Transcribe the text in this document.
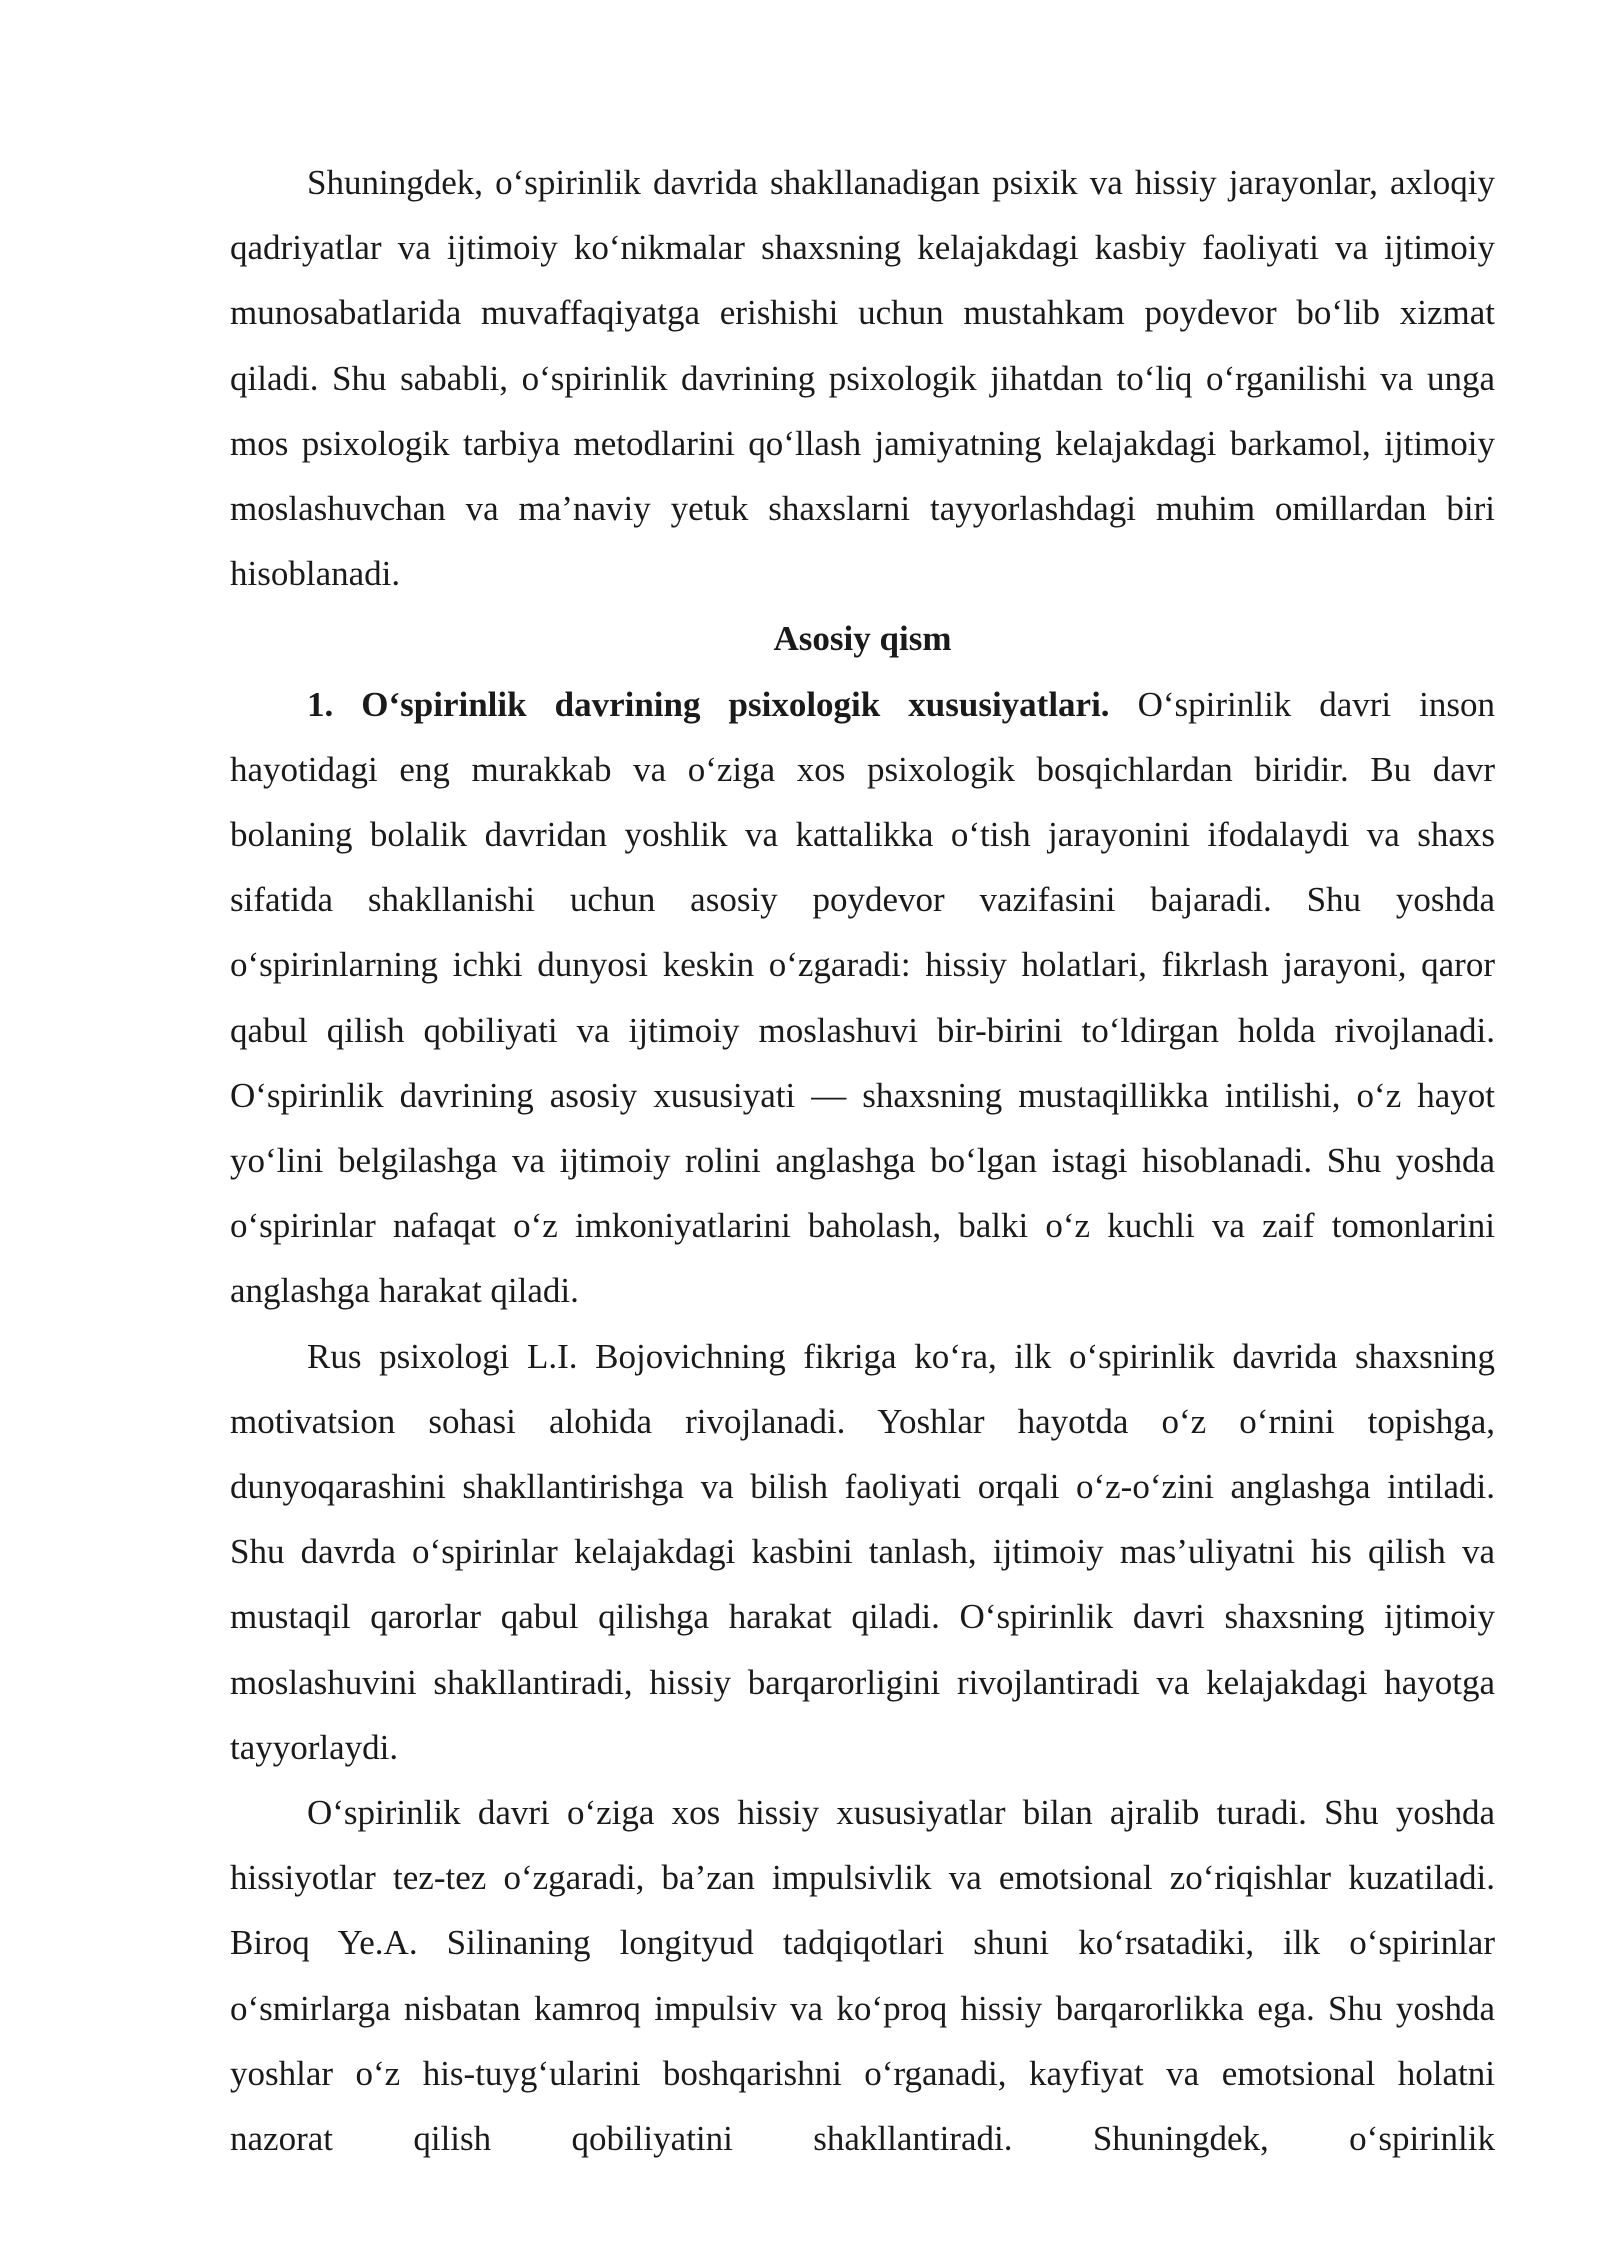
Shuningdek, o‘spirinlik davrida shakllanadigan psixik va hissiy jarayonlar, axloqiy qadriyatlar va ijtimoiy ko‘nikmalar shaxsning kelajakdagi kasbiy faoliyati va ijtimoiy munosabatlarida muvaffaqiyatga erishishi uchun mustahkam poydevor bo‘lib xizmat qiladi. Shu sababli, o‘spirinlik davrining psixologik jihatdan to‘liq o‘rganilishi va unga mos psixologik tarbiya metodlarini qo‘llash jamiyatning kelajakdagi barkamol, ijtimoiy moslashuvchan va ma’naviy yetuk shaxslarni tayyorlashdagi muhim omillardan biri hisoblanadi.

Asosiy qism

1. O‘spirinlik davrining psixologik xususiyatlari. O‘spirinlik davri inson hayotidagi eng murakkab va o‘ziga xos psixologik bosqichlardan biridir. Bu davr bolaning bolalik davridan yoshlik va kattalikka o‘tish jarayonini ifodalaydi va shaxs sifatida shakllanishi uchun asosiy poydevor vazifasini bajaradi. Shu yoshda o‘spirinlarning ichki dunyosi keskin o‘zgaradi: hissiy holatlari, fikrlash jarayoni, qaror qabul qilish qobiliyati va ijtimoiy moslashuvi bir-birini to‘ldirgan holda rivojlanadi. O‘spirinlik davrining asosiy xususiyati — shaxsning mustaqillikka intilishi, o‘z hayot yo‘lini belgilashga va ijtimoiy rolini anglashga bo‘lgan istagi hisoblanadi. Shu yoshda o‘spirinlar nafaqat o‘z imkoniyatlarini baholash, balki o‘z kuchli va zaif tomonlarini anglashga harakat qiladi.

Rus psixologi L.I. Bojovichning fikriga ko‘ra, ilk o‘spirinlik davrida shaxsning motivatsion sohasi alohida rivojlanadi. Yoshlar hayotda o‘z o‘rnini topishga, dunyoqarashini shakllantirishga va bilish faoliyati orqali o‘z-o‘zini anglashga intiladi. Shu davrda o‘spirinlar kelajakdagi kasbini tanlash, ijtimoiy mas’uliyatni his qilish va mustaqil qarorlar qabul qilishga harakat qiladi. O‘spirinlik davri shaxsning ijtimoiy moslashuvini shakllantiradi, hissiy barqarorligini rivojlantiradi va kelajakdagi hayotga tayyorlaydi.

O‘spirinlik davri o‘ziga xos hissiy xususiyatlar bilan ajralib turadi. Shu yoshda hissiyotlar tez-tez o‘zgaradi, ba’zan impulsivlik va emotsional zo‘riqishlar kuzatiladi. Biroq Ye.A. Silinaning longityud tadqiqotlari shuni ko‘rsatadiki, ilk o‘spirinlar o‘smirlarga nisbatan kamroq impulsiv va ko‘proq hissiy barqarorlikka ega. Shu yoshda yoshlar o‘z his-tuyg‘ularini boshqarishni o‘rganadi, kayfiyat va emotsional holatni nazorat qilish qobiliyatini shakllantiradi. Shuningdek, o‘spirinlik
